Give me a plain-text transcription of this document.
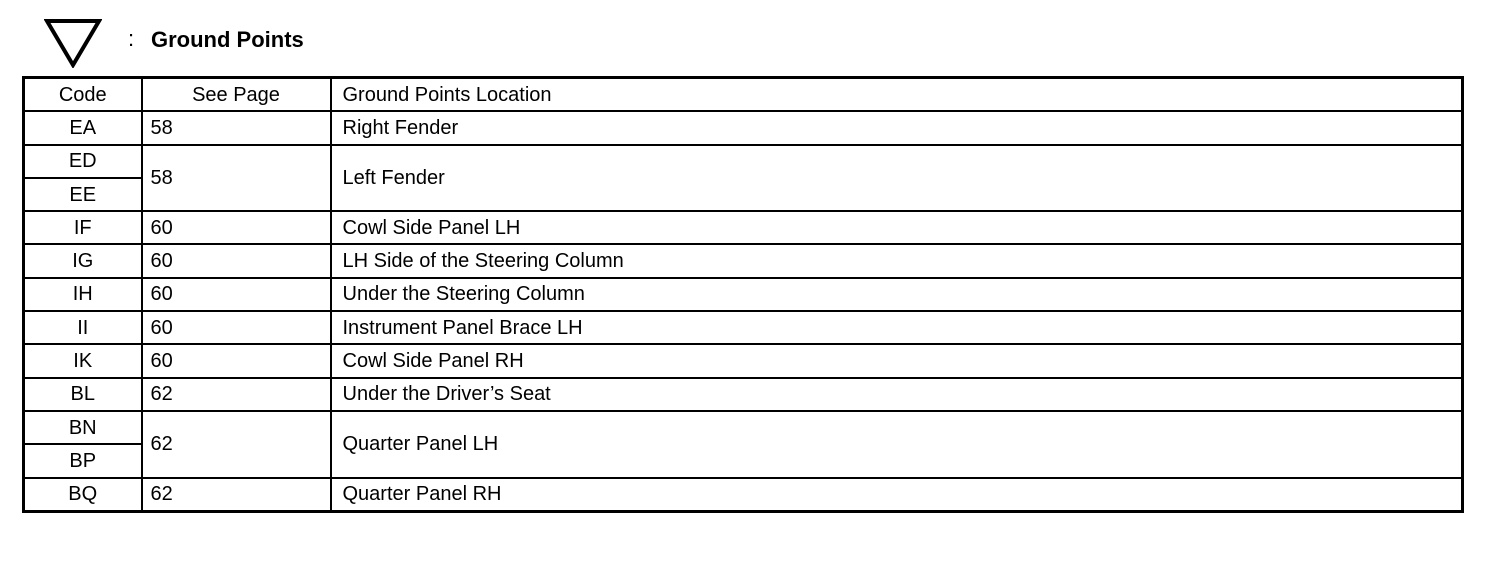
: Ground Points
Code	See Page	Ground Points Location
EA	58	Right Fender
ED	58	Left Fender
EE		
IF	60	Cowl Side Panel LH
IG	60	LH Side of the Steering Column
IH	60	Under the Steering Column
II	60	Instrument Panel Brace LH
IK	60	Cowl Side Panel RH
BL	62	Under the Driver’s Seat
BN	62	Quarter Panel LH
BP		
BQ	62	Quarter Panel RH
